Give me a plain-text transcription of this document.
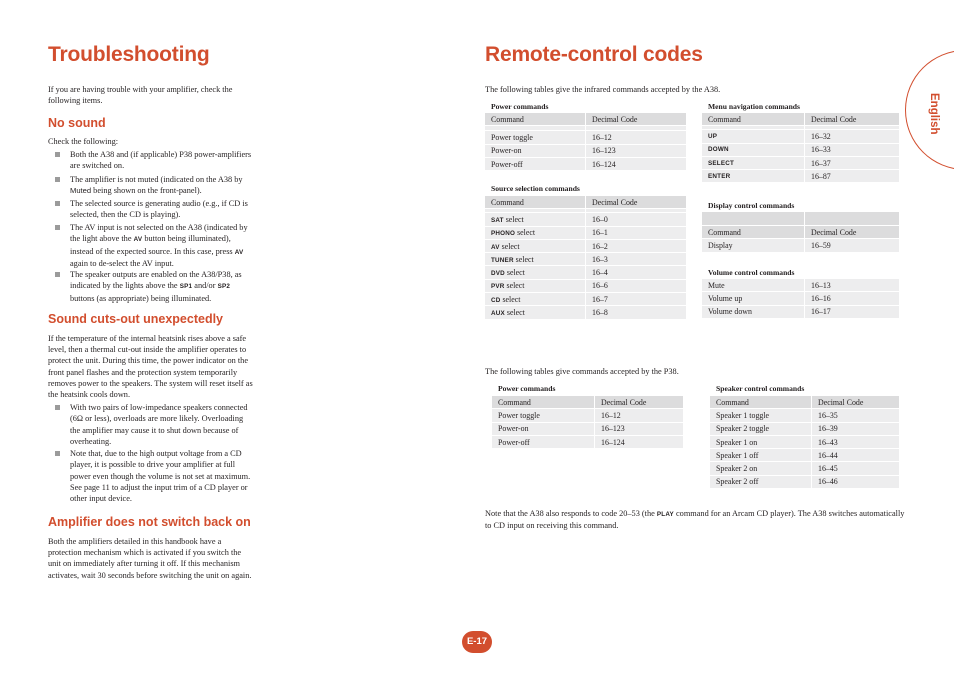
Troubleshooting
If you are having trouble with your amplifier, check the following items.
No sound
Check the following:
Both the A38 and (if applicable) P38 power-amplifiers are switched on.
The amplifier is not muted (indicated on the A38 by Muted being shown on the front-panel).
The selected source is generating audio (e.g., if CD is selected, then the CD is playing).
The AV input is not selected on the A38 (indicated by the light above the AV button being illuminated), instead of the expected source. In this case, press AV again to de-select the AV input.
The speaker outputs are enabled on the A38/P38, as indicated by the lights above the SP1 and/or SP2 buttons (as appropriate) being illuminated.
Sound cuts-out unexpectedly
If the temperature of the internal heatsink rises above a safe level, then a thermal cut-out inside the amplifier operates to protect the unit. During this time, the power indicator on the front panel flashes and the protection system temporarily removes power to the speakers. The system will reset itself as the heatsink cools down.
With two pairs of low-impedance speakers connected (6Ω or less), overloads are more likely. Overloading the amplifier may cause it to shut down because of overheating.
Note that, due to the high output voltage from a CD player, it is possible to drive your amplifier at full power even though the volume is not set at maximum. See page 11 to adjust the input trim of a CD player or other input device.
Amplifier does not switch back on
Both the amplifiers detailed in this handbook have a protection mechanism which is activated if you switch the unit on immediately after turning it off. If this mechanism activates, wait 30 seconds before switching the unit on again.
Remote-control codes
The following tables give the infrared commands accepted by the A38.
Power commands
Command	Decimal Code

Power toggle	16–12
Power-on	16–123
Power-off	16–124
Source selection commands
Command	Decimal Code

SAT select	16–0
PHONO select	16–1
AV select	16–2
TUNER select	16–3
DVD select	16–4
PVR select	16–6
CD select	16–7
AUX select	16–8
Menu navigation commands
Command	Decimal Code

UP	16–32
DOWN	16–33
SELECT	16–37
ENTER	16–87
Display control commands

Command	Decimal Code
Display	16–59
Volume control commands
Mute	16–13
Volume up	16–16
Volume down	16–17
The following tables give commands accepted by the P38.
Power commands
Command	Decimal Code
Power toggle	16–12
Power-on	16–123
Power-off	16–124
Speaker control commands
Command	Decimal Code
Speaker 1 toggle	16–35
Speaker 2 toggle	16–39
Speaker 1 on	16–43
Speaker 1 off	16–44
Speaker 2 on	16–45
Speaker 2 off	16–46
Note that the A38 also responds to code 20–53 (the PLAY command for an Arcam CD player). The A38 switches automatically to CD input on receiving this command.
English
E-17
